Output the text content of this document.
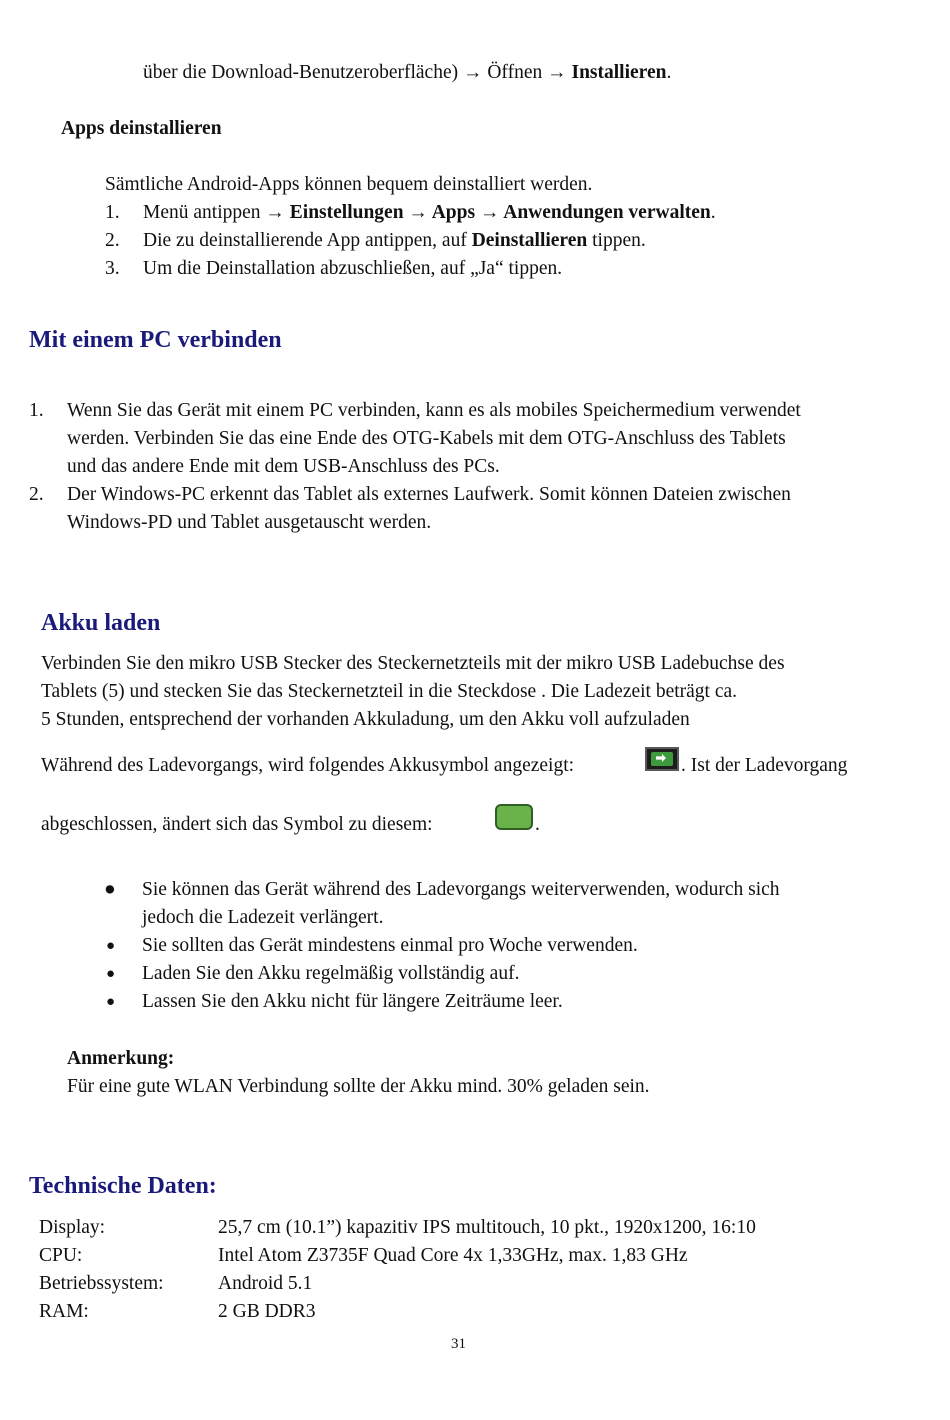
über die Download-Benutzeroberfläche) → Öffnen → Installieren.
Apps deinstallieren
Sämtliche Android-Apps können bequem deinstalliert werden.
1. Menü antippen → Einstellungen → Apps → Anwendungen verwalten.
2. Die zu deinstallierende App antippen, auf Deinstallieren tippen.
3. Um die Deinstallation abzuschließen, auf „Ja“ tippen.
Mit einem PC verbinden
1. Wenn Sie das Gerät mit einem PC verbinden, kann es als mobiles Speichermedium verwendet
werden. Verbinden Sie das eine Ende des OTG-Kabels mit dem OTG-Anschluss des Tablets
und das andere Ende mit dem USB-Anschluss des PCs.
2. Der Windows-PC erkennt das Tablet als externes Laufwerk. Somit können Dateien zwischen
Windows-PD und Tablet ausgetauscht werden.
Akku laden
Verbinden Sie den mikro USB Stecker des Steckernetzteils mit der mikro USB Ladebuchse des
Tablets (5) und stecken Sie das Steckernetzteil in die Steckdose . Die Ladezeit beträgt ca.
5 Stunden, entsprechend der vorhanden Akkuladung, um den Akku voll aufzuladen
Während des Ladevorgangs, wird folgendes Akkusymbol angezeigt:	. Ist der Ladevorgang
abgeschlossen, ändert sich das Symbol zu diesem:	.
● Sie können das Gerät während des Ladevorgangs weiterverwenden, wodurch sich
jedoch die Ladezeit verlängert.
● Sie sollten das Gerät mindestens einmal pro Woche verwenden.
● Laden Sie den Akku regelmäßig vollständig auf.
● Lassen Sie den Akku nicht für längere Zeiträume leer.
Anmerkung:
Für eine gute WLAN Verbindung sollte der Akku mind. 30% geladen sein.
Technische Daten:
Display:	25,7 cm (10.1”) kapazitiv IPS multitouch, 10 pkt., 1920x1200, 16:10
CPU:	Intel Atom Z3735F Quad Core 4x 1,33GHz, max. 1,83 GHz
Betriebssystem:	Android 5.1
RAM:	2 GB DDR3
31
